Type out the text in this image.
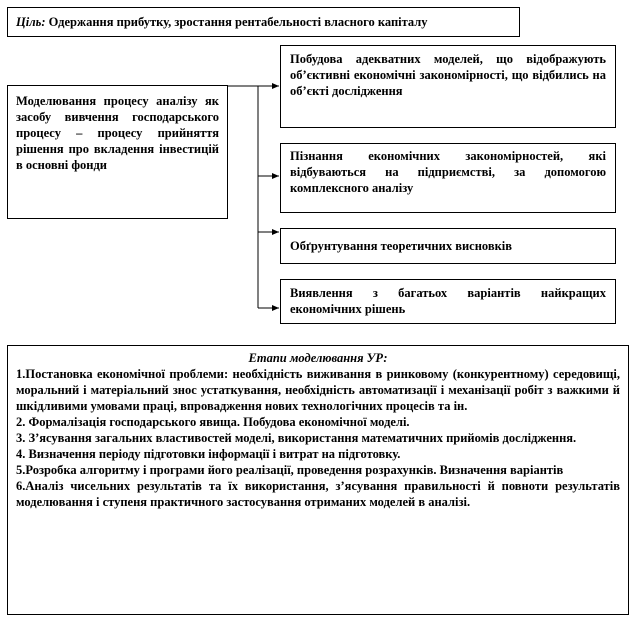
Ціль: Одержання прибутку, зростання рентабельності власного капіталу
Моделювання процесу аналізу як засобу вивчення господарського процесу – процесу прийняття рішення про вкладення інвестицій в основні фонди
Побудова адекватних моделей, що відображують об’єктивні економічні закономірності, що відбились на об’єкті дослідження
Пізнання економічних закономірностей, які відбуваються на підприємстві, за допомогою комплексного аналізу
Обґрунтування теоретичних висновків
Виявлення з багатьох варіантів найкращих економічних рішень
Етапи моделювання УР:
1.Постановка економічної проблеми: необхідність виживання в ринковому (конкурентному) середовищі, моральний і матеріальний знос устаткування, необхідність автоматизації і механізації робіт з важкими й шкідливими умовами праці, впровадження нових технологічних процесів та ін.
2. Формалізація господарського явища. Побудова економічної моделі.
3. З’ясування загальних властивостей моделі, використання математичних прийомів дослідження.
4. Визначення періоду підготовки інформації і витрат на підготовку.
5.Розробка алгоритму і програми його реалізації, проведення розрахунків. Визначення варіантів
6.Аналіз чисельних результатів та їх використання, з’ясування правильності й повноти результатів моделювання і ступеня практичного застосування отриманих моделей в аналізі.
